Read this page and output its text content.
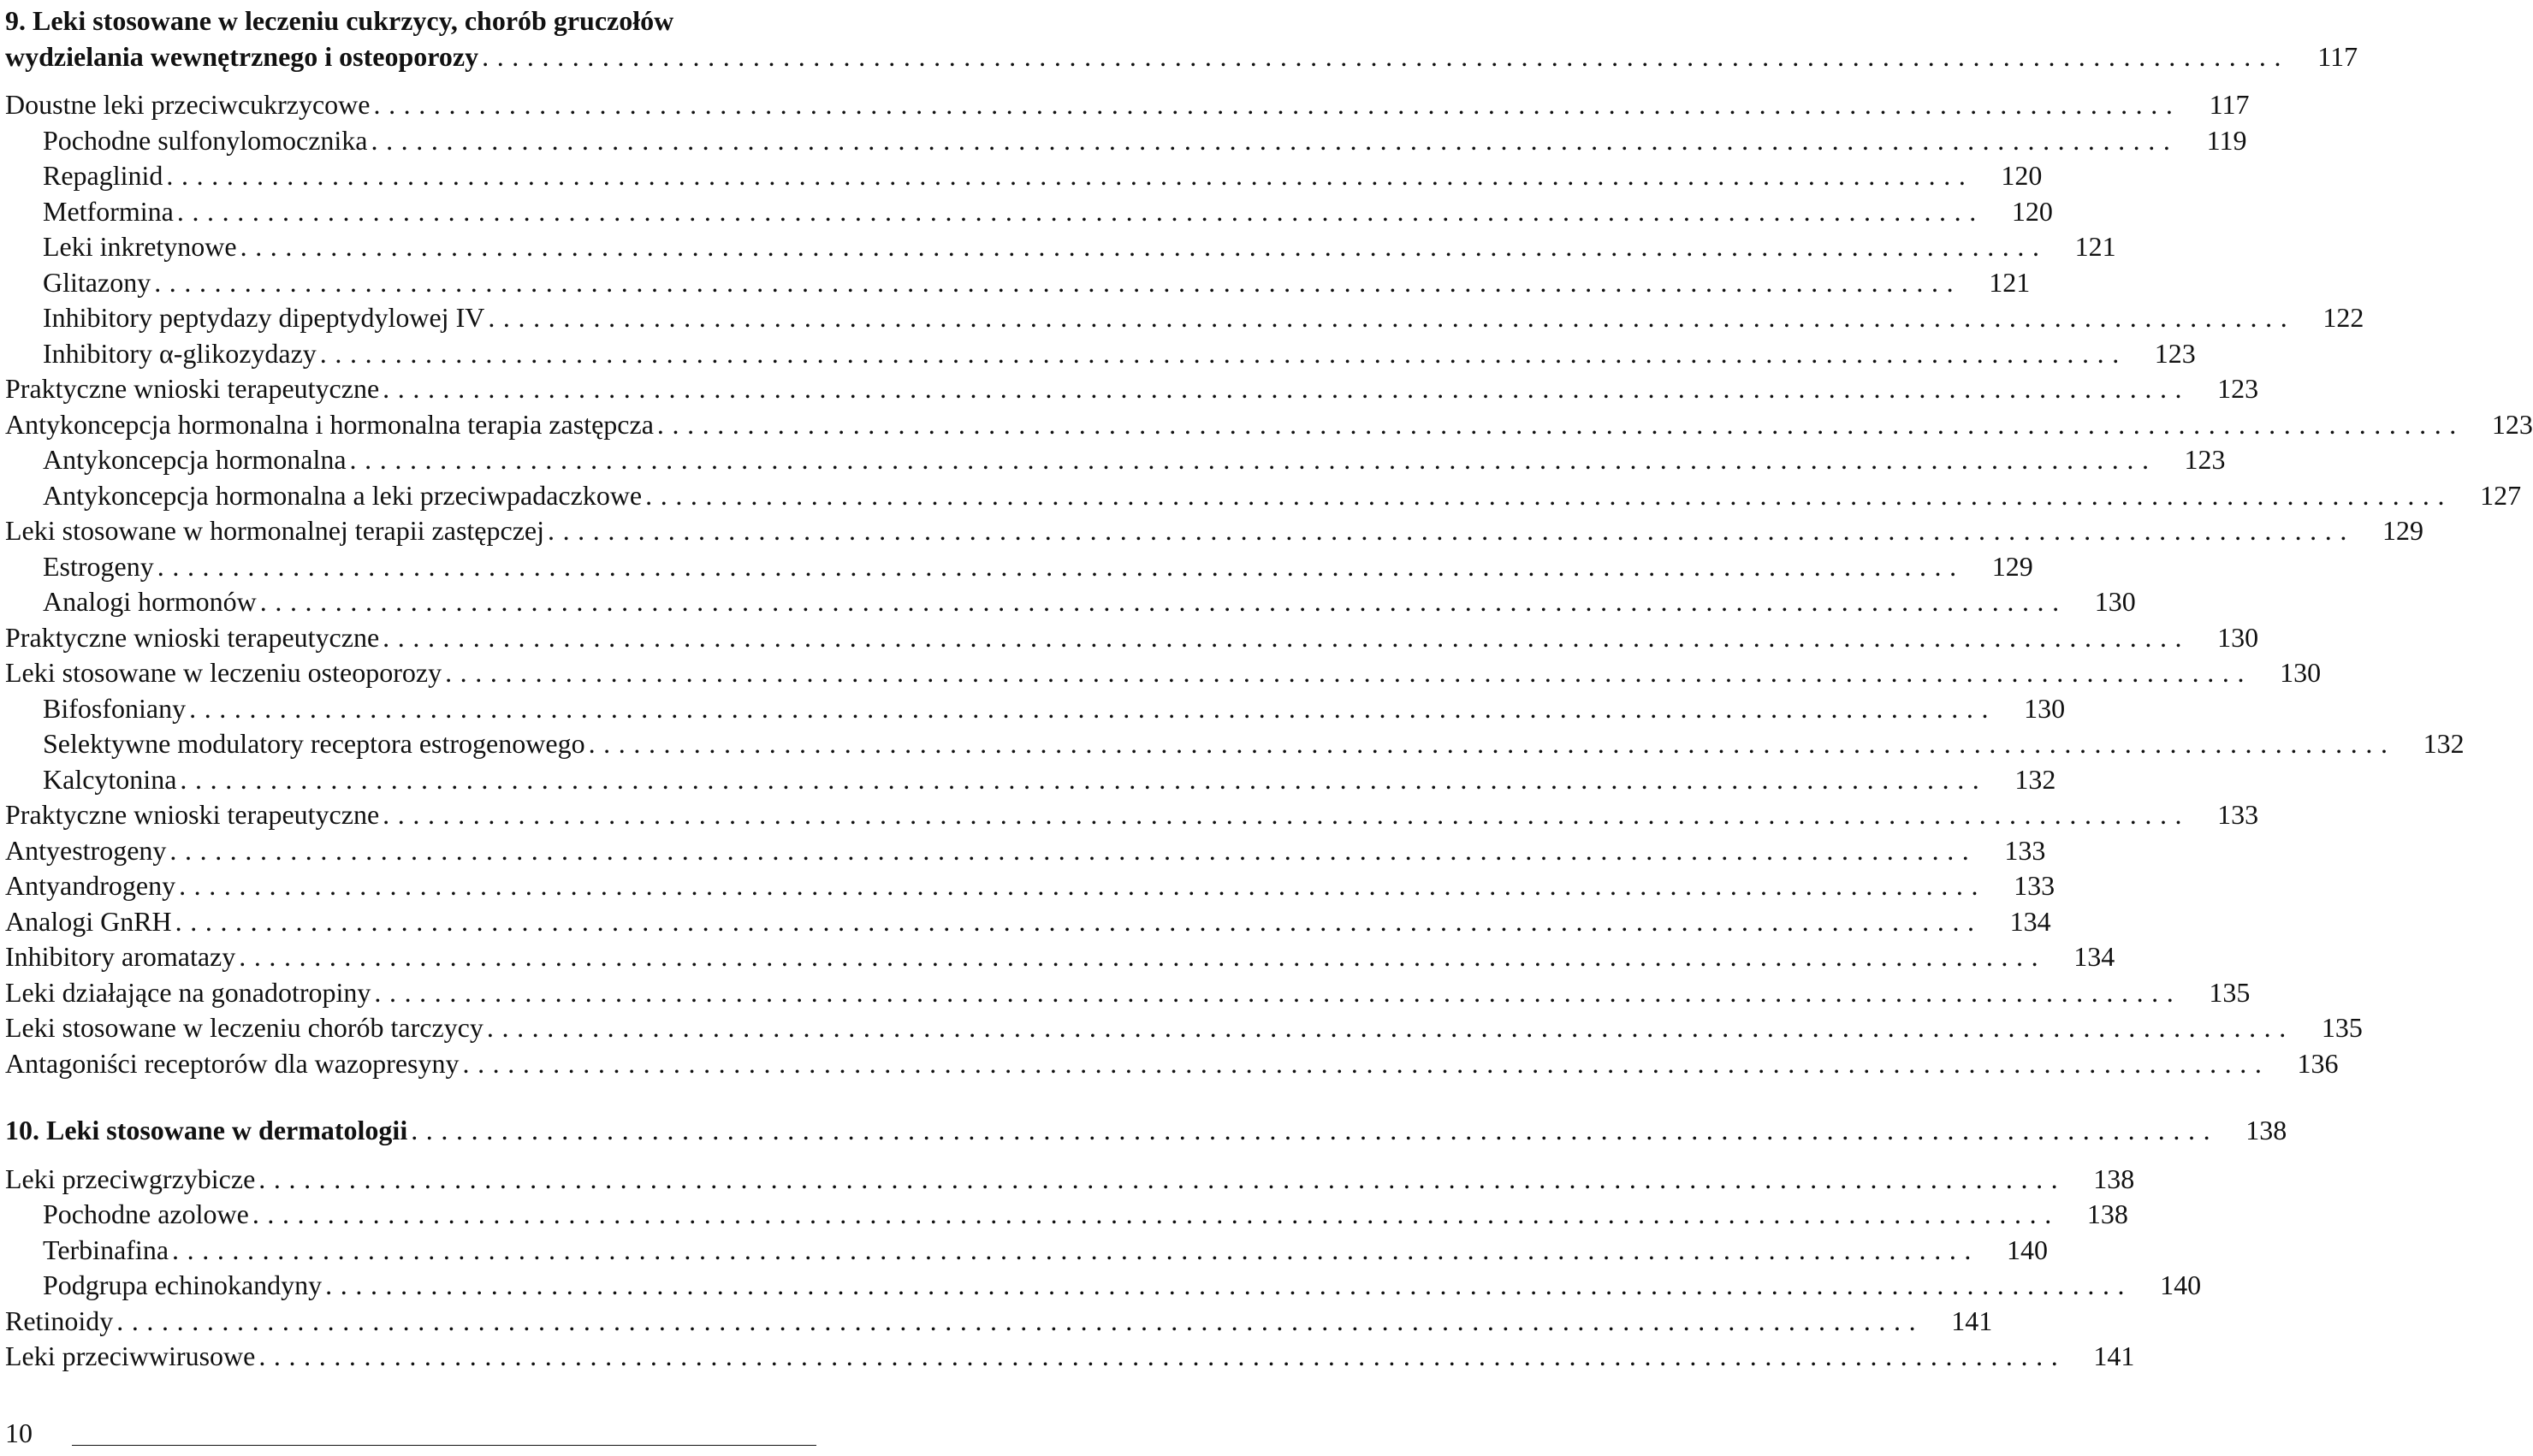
9. Leki stosowane w leczeniu cukrzycy, chorób gruczołów
wydzielania wewnętrznego i osteoporozy ........................................................................................................................ 117
Doustne leki przeciwcukrzycowe ........................................................................................................................ 117
Pochodne sulfonylomocznika ........................................................................................................................ 119
Repaglinid ........................................................................................................................ 120
Metformina ........................................................................................................................ 120
Leki inkretynowe ........................................................................................................................ 121
Glitazony ........................................................................................................................ 121
Inhibitory peptydazy dipeptydylowej IV ........................................................................................................................ 122
Inhibitory α-glikozydazy ........................................................................................................................ 123
Praktyczne wnioski terapeutyczne ........................................................................................................................ 123
Antykoncepcja hormonalna i hormonalna terapia zastępcza ........................................................................................................................ 123
Antykoncepcja hormonalna ........................................................................................................................ 123
Antykoncepcja hormonalna a leki przeciwpadaczkowe ........................................................................................................................ 127
Leki stosowane w hormonalnej terapii zastępczej ........................................................................................................................ 129
Estrogeny ........................................................................................................................ 129
Analogi hormonów ........................................................................................................................ 130
Praktyczne wnioski terapeutyczne ........................................................................................................................ 130
Leki stosowane w leczeniu osteoporozy ........................................................................................................................ 130
Bifosfoniany ........................................................................................................................ 130
Selektywne modulatory receptora estrogenowego ........................................................................................................................ 132
Kalcytonina ........................................................................................................................ 132
Praktyczne wnioski terapeutyczne ........................................................................................................................ 133
Antyestrogeny ........................................................................................................................ 133
Antyandrogeny ........................................................................................................................ 133
Analogi GnRH ........................................................................................................................ 134
Inhibitory aromatazy ........................................................................................................................ 134
Leki działające na gonadotropiny ........................................................................................................................ 135
Leki stosowane w leczeniu chorób tarczycy ........................................................................................................................ 135
Antagoniści receptorów dla wazopresyny ........................................................................................................................ 136
10. Leki stosowane w dermatologii ........................................................................................................................ 138
Leki przeciwgrzybicze ........................................................................................................................ 138
Pochodne azolowe ........................................................................................................................ 138
Terbinafina ........................................................................................................................ 140
Podgrupa echinokandyny ........................................................................................................................ 140
Retinoidy ........................................................................................................................ 141
Leki przeciwwirusowe ........................................................................................................................ 141
10
